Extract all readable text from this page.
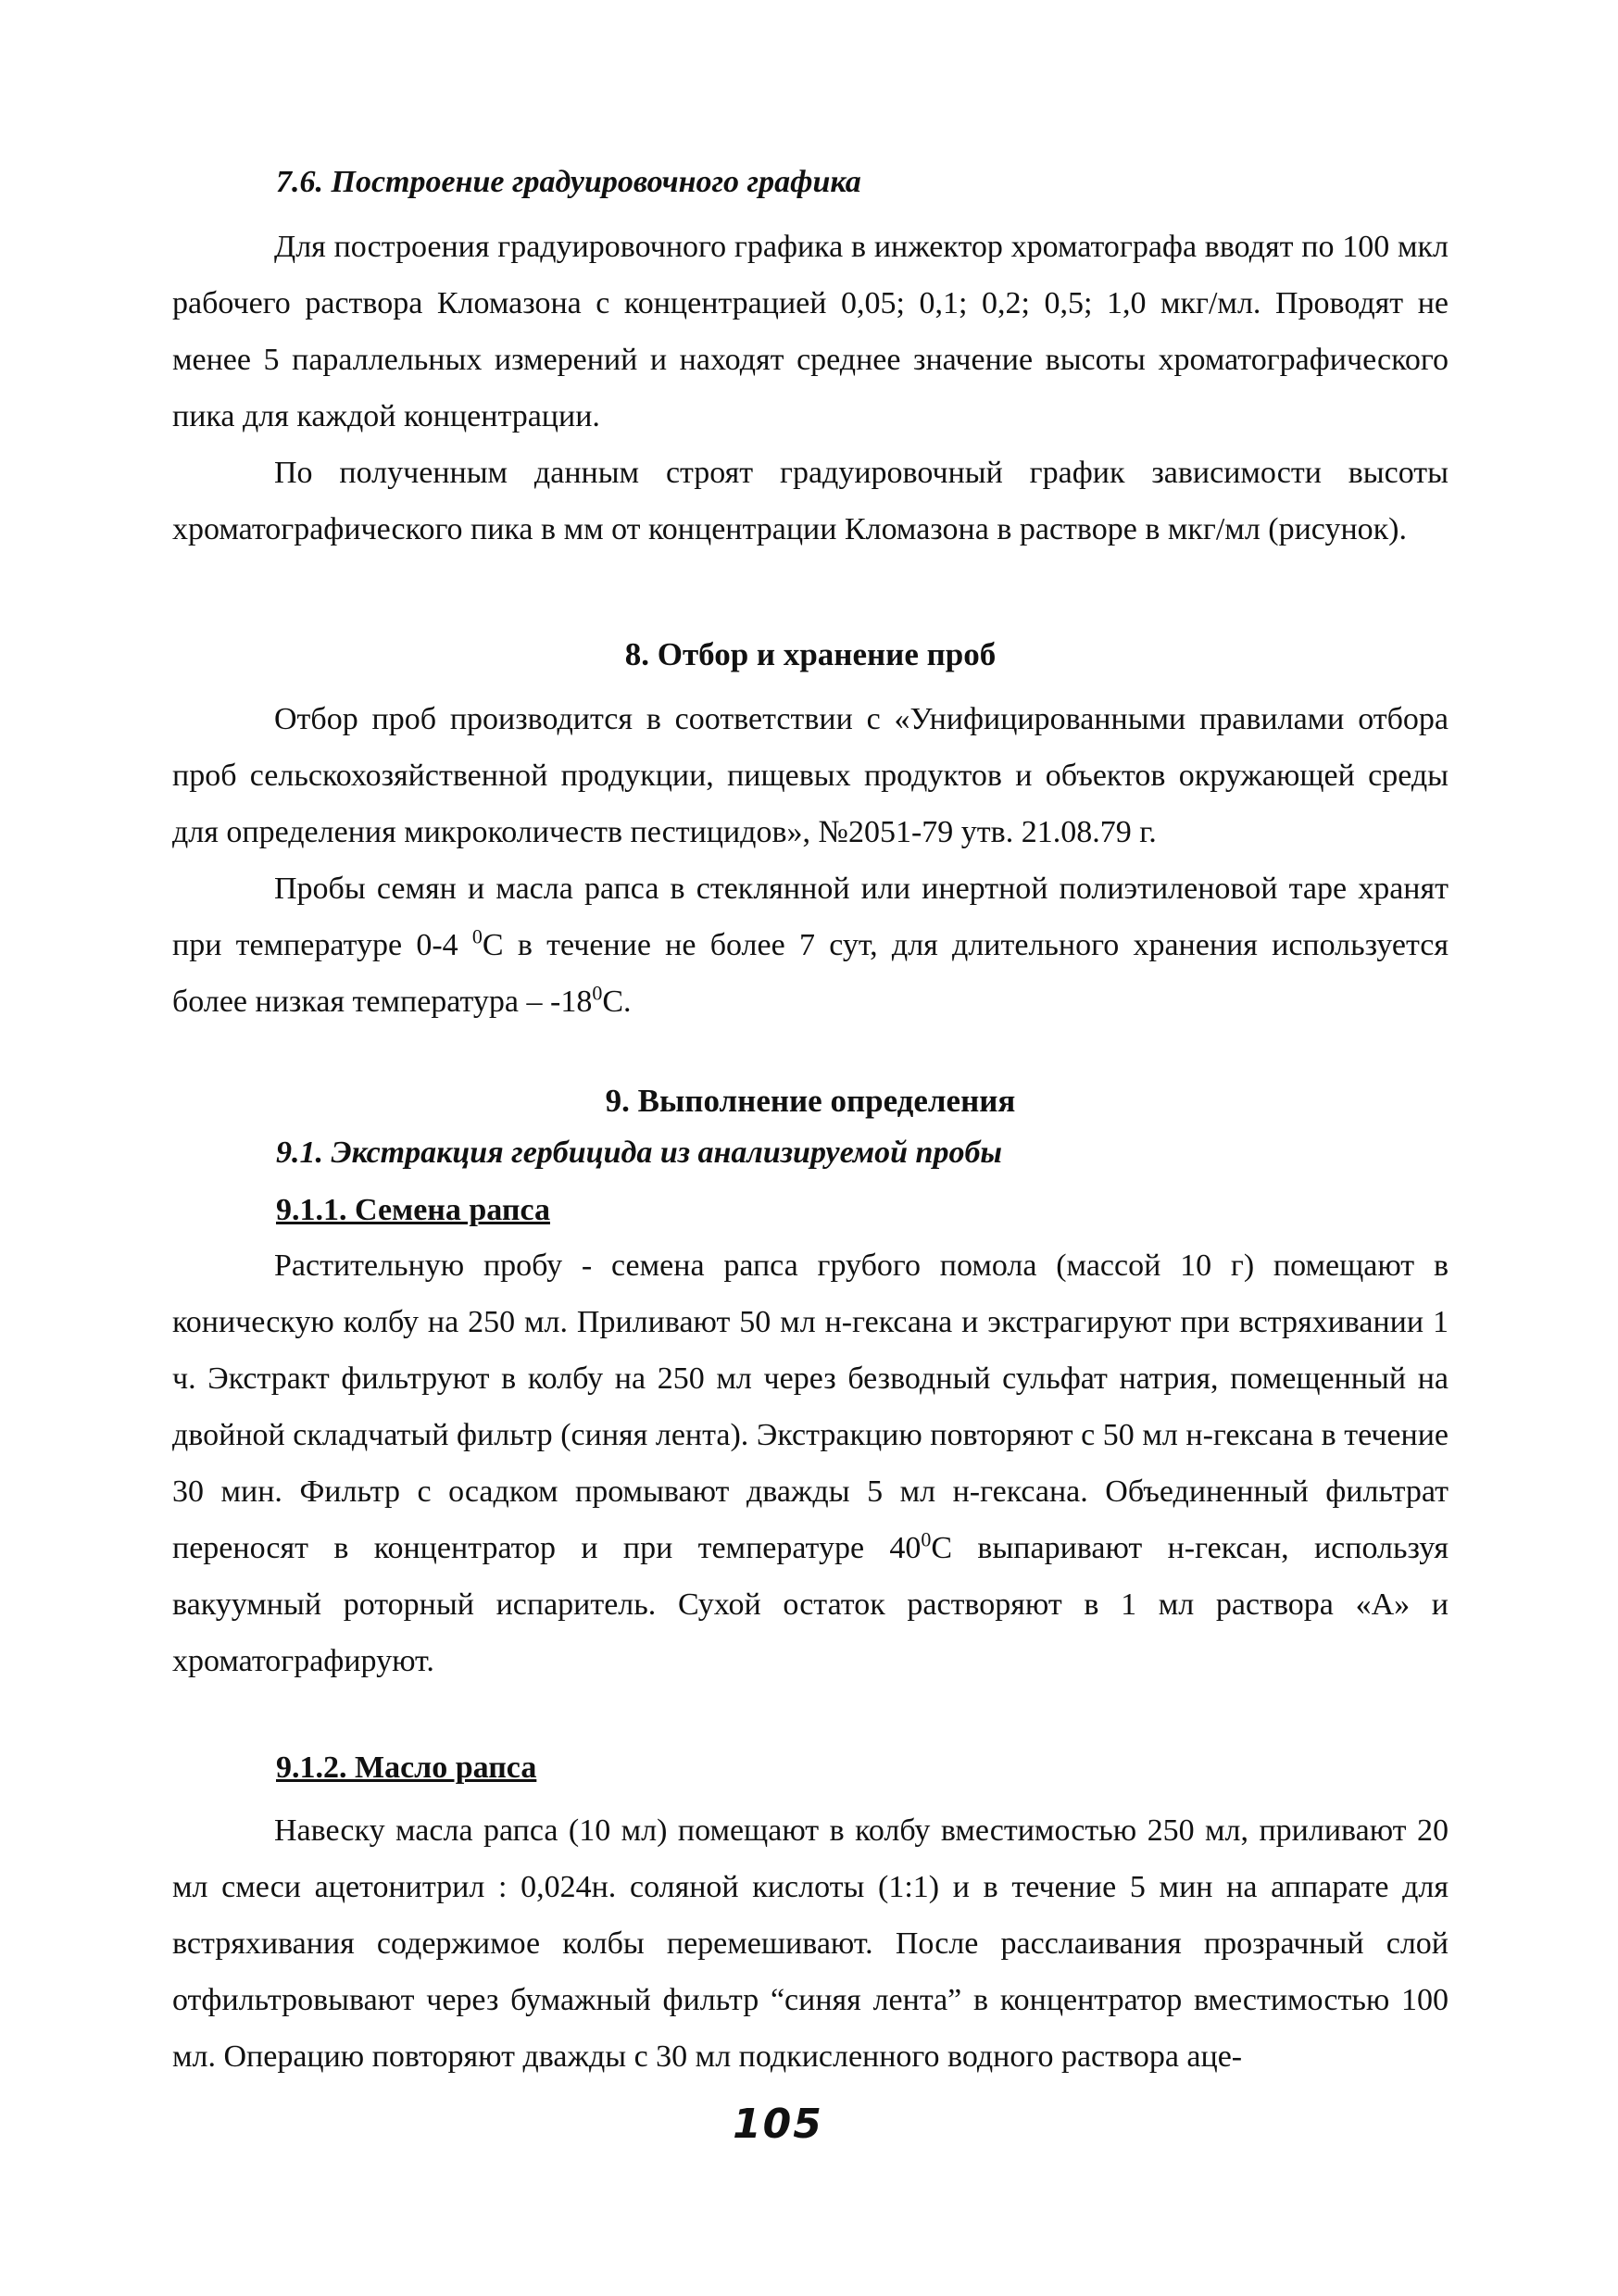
7.6. Построение градуировочного графика

Для построения градуировочного графика в инжектор хроматографа вводят по 100 мкл рабочего раствора Кломазона с концентрацией 0,05; 0,1; 0,2; 0,5; 1,0 мкг/мл. Проводят не менее 5 параллельных измерений и находят среднее значение высоты хроматографического пика для каждой концентрации.

По полученным данным строят градуировочный график зависимости высоты хроматографического пика в мм от концентрации Кломазона в растворе в мкг/мл (рисунок).

8. Отбор и хранение проб

Отбор проб производится в соответствии с «Унифицированными правилами отбора проб сельскохозяйственной продукции, пищевых продуктов и объектов окружающей среды для определения микроколичеств пестицидов», №2051-79 утв. 21.08.79 г.

Пробы семян и масла рапса в стеклянной или инертной полиэтиленовой таре хранят при температуре 0-4 $^0$С в течение не более 7 сут, для длительного хранения используется более низкая температура – $-18^0С$.

9. Выполнение определения
9.1. Экстракция гербицида из анализируемой пробы
9.1.1. Семена рапса

Растительную пробу - семена рапса грубого помола (массой 10 г) помещают в коническую колбу на 250 мл. Приливают 50 мл н-гексана и экстрагируют при встряхивании 1 ч. Экстракт фильтруют в колбу на 250 мл через безводный сульфат натрия, помещенный на двойной складчатый фильтр (синяя лента). Экстракцию повторяют с 50 мл н-гексана в течение 30 мин. Фильтр с осадком промывают дважды 5 мл н-гексана. Объединенный фильтрат переносят в концентратор и при температуре $40^0С$ выпаривают н-гексан, используя вакуумный роторный испаритель. Сухой остаток растворяют в 1 мл раствора «А» и хроматографируют.

9.1.2. Масло рапса

Навеску масла рапса (10 мл) помещают в колбу вместимостью 250 мл, приливают 20 мл смеси ацетонитрил : 0,024н. соляной кислоты (1:1) и в течение 5 мин на аппарате для встряхивания содержимое колбы перемешивают. После расслаивания прозрачный слой отфильтровывают через бумажный фильтр “синяя лента” в концентратор вместимостью 100 мл. Операцию повторяют дважды с 30 мл подкисленного водного раствора аце-

105
